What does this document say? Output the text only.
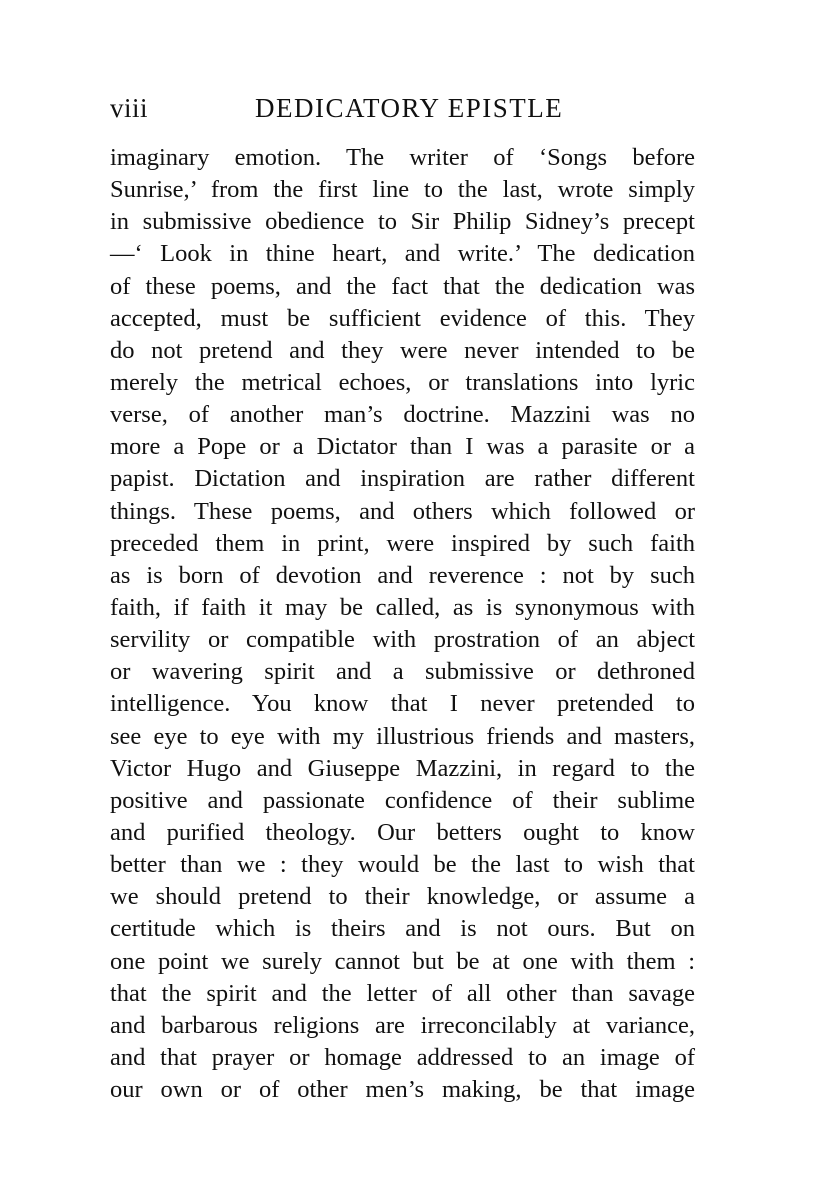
viii	DEDICATORY EPISTLE
imaginary emotion. The writer of ‘Songs before
Sunrise,’ from the first line to the last, wrote simply
in submissive obedience to Sir Philip Sidney’s precept
—‘ Look in thine heart, and write.’ The dedication
of these poems, and the fact that the dedication was
accepted, must be sufficient evidence of this. They
do not pretend and they were never intended to be
merely the metrical echoes, or translations into lyric
verse, of another man’s doctrine. Mazzini was no
more a Pope or a Dictator than I was a parasite or a
papist. Dictation and inspiration are rather different
things. These poems, and others which followed or
preceded them in print, were inspired by such faith
as is born of devotion and reverence : not by such
faith, if faith it may be called, as is synonymous with
servility or compatible with prostration of an abject
or wavering spirit and a submissive or dethroned
intelligence. You know that I never pretended to
see eye to eye with my illustrious friends and masters,
Victor Hugo and Giuseppe Mazzini, in regard to the
positive and passionate confidence of their sublime
and purified theology. Our betters ought to know
better than we : they would be the last to wish that
we should pretend to their knowledge, or assume a
certitude which is theirs and is not ours. But on
one point we surely cannot but be at one with them :
that the spirit and the letter of all other than savage
and barbarous religions are irreconcilably at variance,
and that prayer or homage addressed to an image of
our own or of other men’s making, be that image
